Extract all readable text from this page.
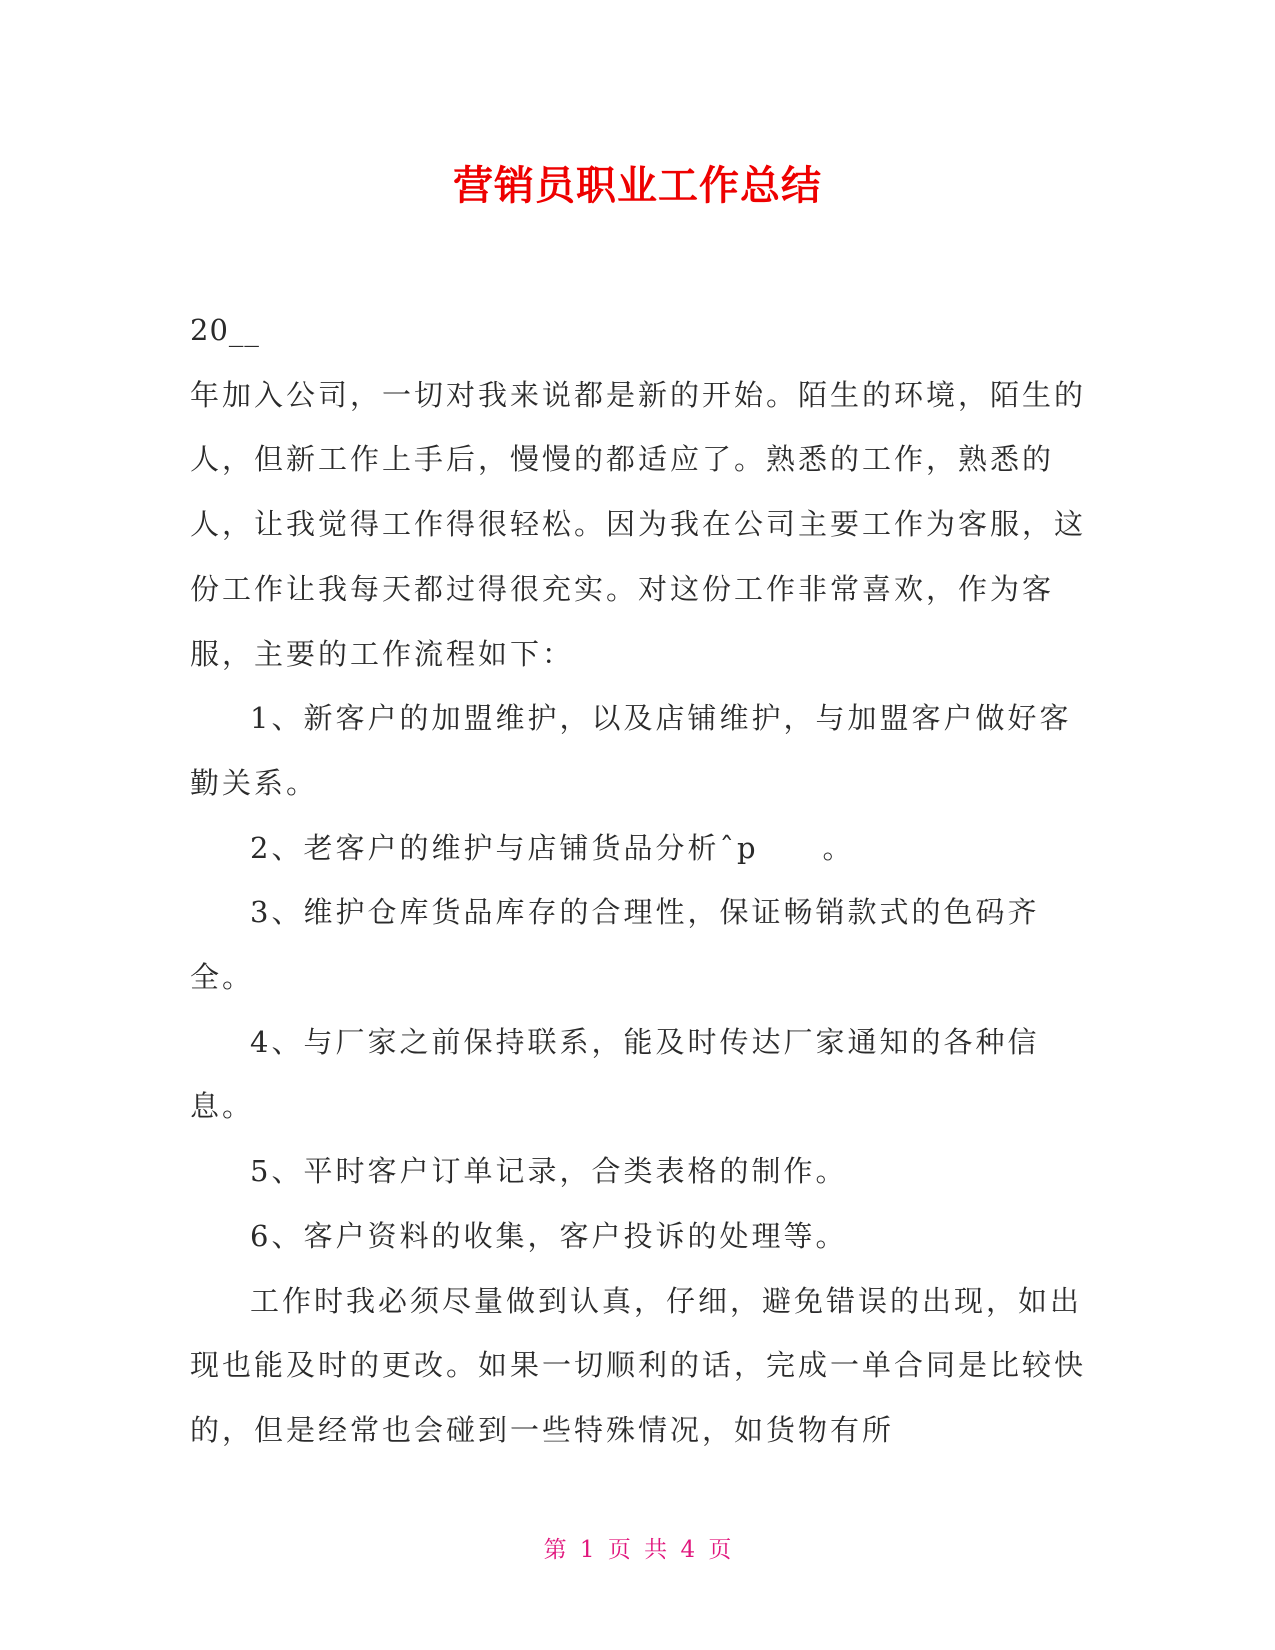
营销员职业工作总结

20__

年加入公司，一切对我来说都是新的开始。陌生的环境，陌生的人，但新工作上手后，慢慢的都适应了。熟悉的工作，熟悉的人，让我觉得工作得很轻松。因为我在公司主要工作为客服，这份工作让我每天都过得很充实。对这份工作非常喜欢，作为客服，主要的工作流程如下：

1、新客户的加盟维护，以及店铺维护，与加盟客户做好客勤关系。

2、老客户的维护与店铺货品分析ˆp　　。

3、维护仓库货品库存的合理性，保证畅销款式的色码齐全。

4、与厂家之前保持联系，能及时传达厂家通知的各种信息。

5、平时客户订单记录，合类表格的制作。

6、客户资料的收集，客户投诉的处理等。

工作时我必须尽量做到认真，仔细，避免错误的出现，如出现也能及时的更改。如果一切顺利的话，完成一单合同是比较快的，但是经常也会碰到一些特殊情况，如货物有所

第 1 页 共 4 页
